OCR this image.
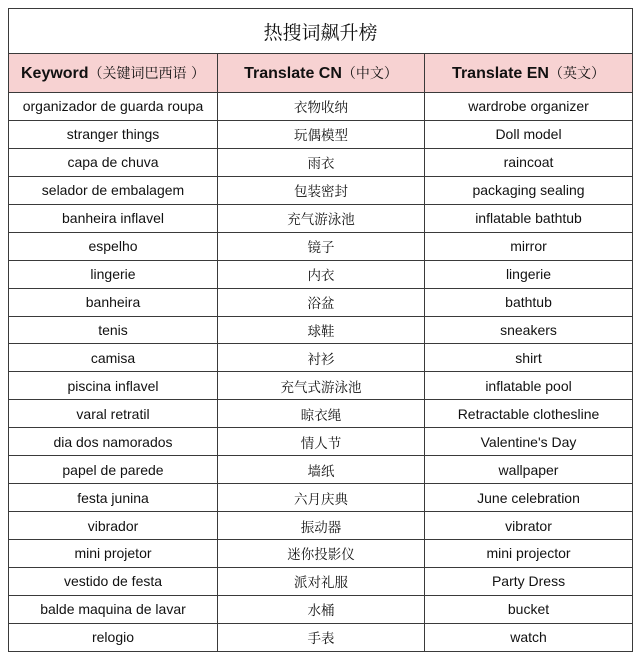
热搜词飙升榜		
Keyword（关键词巴西语 ）	Translate CN（中文）	Translate EN（英文）
organizador de guarda roupa	衣物收纳	wardrobe organizer
stranger things	玩偶模型	Doll model
capa de chuva	雨衣	raincoat
selador de embalagem	包装密封	packaging sealing
banheira inflavel	充气游泳池	inflatable bathtub
espelho	镜子	mirror
lingerie	内衣	lingerie
banheira	浴盆	bathtub
tenis	球鞋	sneakers
camisa	衬衫	shirt
piscina inflavel	充气式游泳池	inflatable pool
varal retratil	晾衣绳	Retractable clothesline
dia dos namorados	情人节	Valentine's Day
papel de parede	墙纸	wallpaper
festa junina	六月庆典	June celebration
vibrador	振动器	vibrator
mini projetor	迷你投影仪	mini projector
vestido de festa	派对礼服	Party Dress
balde maquina de lavar	水桶	bucket
relogio	手表	watch
